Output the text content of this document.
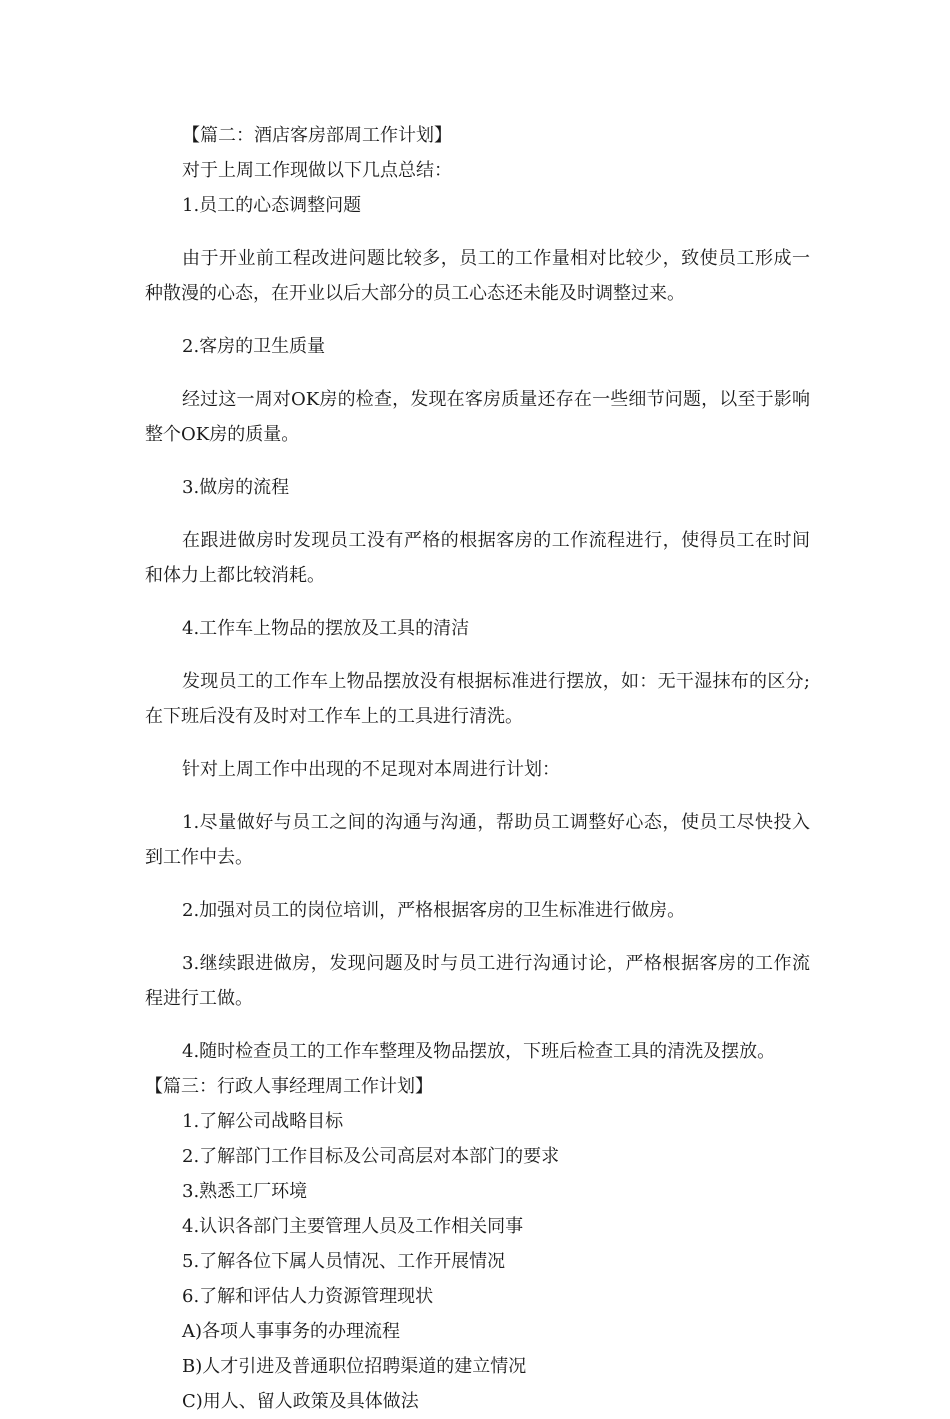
【篇二：酒店客房部周工作计划】

对于上周工作现做以下几点总结：

1.员工的心态调整问题

由于开业前工程改进问题比较多，员工的工作量相对比较少，致使员工形成一种散漫的心态，在开业以后大部分的员工心态还未能及时调整过来。

2.客房的卫生质量

经过这一周对OK房的检查，发现在客房质量还存在一些细节问题，以至于影响整个OK房的质量。

3.做房的流程

在跟进做房时发现员工没有严格的根据客房的工作流程进行，使得员工在时间和体力上都比较消耗。

4.工作车上物品的摆放及工具的清洁

发现员工的工作车上物品摆放没有根据标准进行摆放，如：无干湿抹布的区分;在下班后没有及时对工作车上的工具进行清洗。

针对上周工作中出现的不足现对本周进行计划：

1.尽量做好与员工之间的沟通与沟通，帮助员工调整好心态，使员工尽快投入到工作中去。

2.加强对员工的岗位培训，严格根据客房的卫生标准进行做房。

3.继续跟进做房，发现问题及时与员工进行沟通讨论，严格根据客房的工作流程进行工做。

4.随时检查员工的工作车整理及物品摆放，下班后检查工具的清洗及摆放。

【篇三：行政人事经理周工作计划】

1.了解公司战略目标

2.了解部门工作目标及公司高层对本部门的要求

3.熟悉工厂环境

4.认识各部门主要管理人员及工作相关同事

5.了解各位下属人员情况、工作开展情况

6.了解和评估人力资源管理现状

A)各项人事事务的办理流程

B)人才引进及普通职位招聘渠道的建立情况

C)用人、留人政策及具体做法
